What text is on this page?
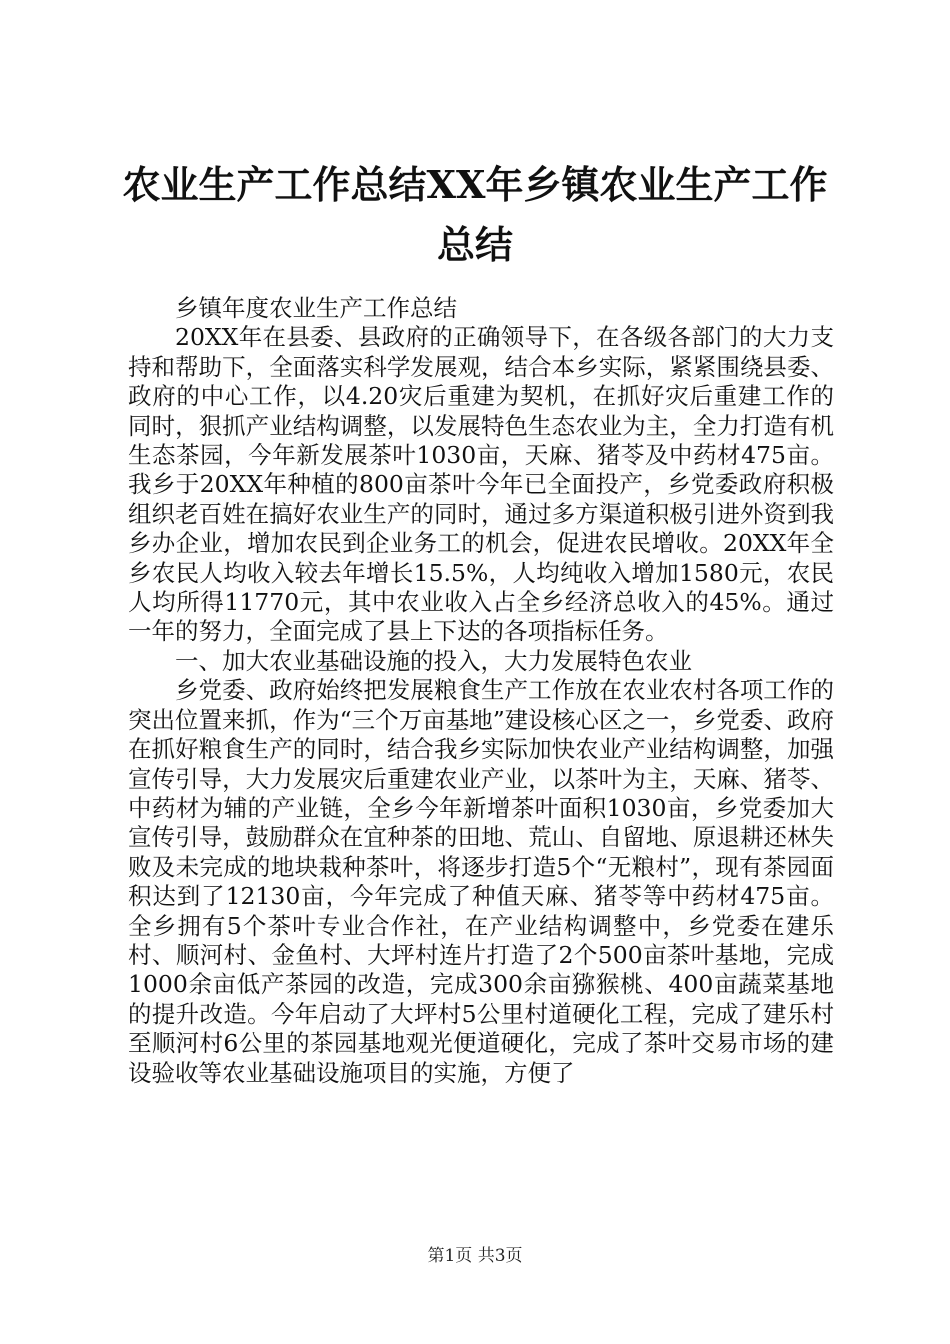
农业生产工作总结XX年乡镇农业生产工作总结

乡镇年度农业生产工作总结

20XX年在县委、县政府的正确领导下，在各级各部门的大力支持和帮助下，全面落实科学发展观，结合本乡实际，紧紧围绕县委、政府的中心工作，以4.20灾后重建为契机，在抓好灾后重建工作的同时，狠抓产业结构调整，以发展特色生态农业为主，全力打造有机生态茶园，今年新发展茶叶1030亩，天麻、猪苓及中药材475亩。我乡于20XX年种植的800亩茶叶今年已全面投产，乡党委政府积极组织老百姓在搞好农业生产的同时，通过多方渠道积极引进外资到我乡办企业，增加农民到企业务工的机会，促进农民增收。20XX年全乡农民人均收入较去年增长15.5%，人均纯收入增加1580元，农民人均所得11770元，其中农业收入占全乡经济总收入的45%。通过一年的努力，全面完成了县上下达的各项指标任务。

一、加大农业基础设施的投入，大力发展特色农业

乡党委、政府始终把发展粮食生产工作放在农业农村各项工作的突出位置来抓，作为“三个万亩基地”建设核心区之一，乡党委、政府在抓好粮食生产的同时，结合我乡实际加快农业产业结构调整，加强宣传引导，大力发展灾后重建农业产业，以茶叶为主，天麻、猪苓、中药材为辅的产业链，全乡今年新增茶叶面积1030亩，乡党委加大宣传引导，鼓励群众在宜种茶的田地、荒山、自留地、原退耕还林失败及未完成的地块栽种茶叶，将逐步打造5个“无粮村”，现有茶园面积达到了12130亩，今年完成了种值天麻、猪苓等中药材475亩。全乡拥有5个茶叶专业合作社，在产业结构调整中，乡党委在建乐村、顺河村、金鱼村、大坪村连片打造了2个500亩茶叶基地，完成1000余亩低产茶园的改造，完成300余亩猕猴桃、400亩蔬菜基地的提升改造。今年启动了大坪村5公里村道硬化工程，完成了建乐村至顺河村6公里的茶园基地观光便道硬化，完成了茶叶交易市场的建设验收等农业基础设施项目的实施，方便了

第1页 共3页
